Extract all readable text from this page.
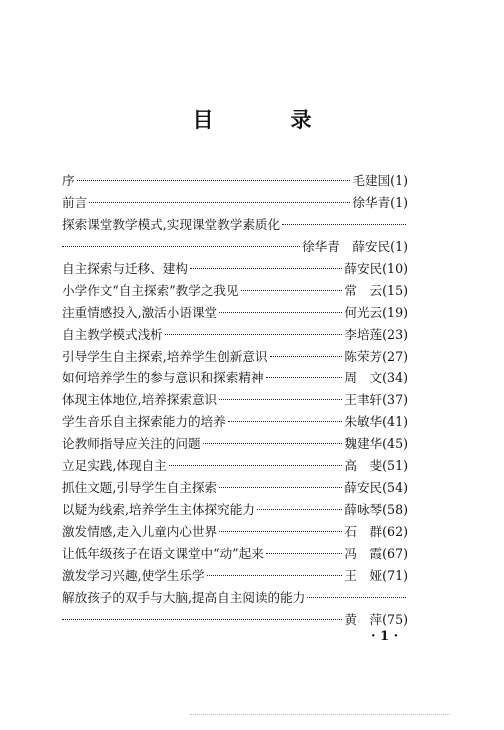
目　录
序	毛建国(1)
前言	徐华青(1)
探索课堂教学模式,实现课堂教学素质化
徐华青　薛安民(1)
自主探索与迁移、建构	薛安民(10)
小学作文“自主探索”教学之我见	常　云(15)
注重情感投入,激活小语课堂	何光云(19)
自主教学模式浅析	李培莲(23)
引导学生自主探索,培养学生创新意识	陈荣芳(27)
如何培养学生的参与意识和探索精神	周　文(34)
体现主体地位,培养探索意识	王聿轩(37)
学生音乐自主探索能力的培养	朱敏华(41)
论教师指导应关注的问题	魏建华(45)
立足实践,体现自主	高　斐(51)
抓住文题,引导学生自主探索	薛安民(54)
以疑为线索,培养学生主体探究能力	薛咏琴(58)
激发情感,走入儿童内心世界	石　群(62)
让低年级孩子在语文课堂中“动”起来	冯　霞(67)
激发学习兴趣,使学生乐学	王　娅(71)
解放孩子的双手与大脑,提高自主阅读的能力
黄　萍(75)
· 1 ·
